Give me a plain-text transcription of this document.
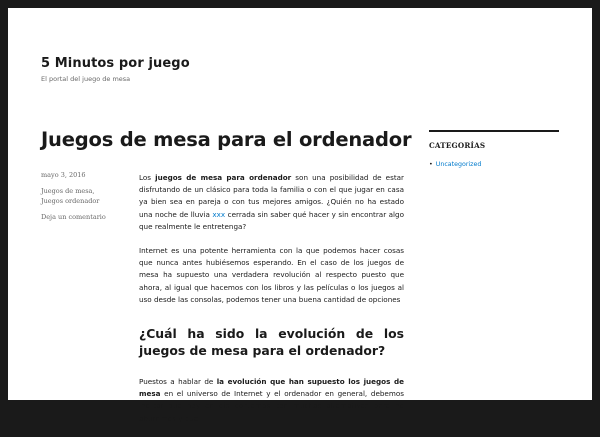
5 Minutos por juego

El portal del juego de mesa

Juegos de mesa para el ordenador
mayo 3, 2016
Juegos de mesa, Juegos ordenador
Deja un comentario

Los juegos de mesa para ordenador son una posibilidad de estar disfrutando de un clásico para toda la familia o con el que jugar en casa ya bien sea en pareja o con tus mejores amigos. ¿Quién no ha estado una noche de lluvia xxx cerrada sin saber qué hacer y sin encontrar algo que realmente le entretenga?

Internet es una potente herramienta con la que podemos hacer cosas que nunca antes hubiésemos esperando. En el caso de los juegos de mesa ha supuesto una verdadera revolución al respecto puesto que ahora, al igual que hacemos con los libros y las películas o los juegos al uso desde las consolas, podemos tener una buena cantidad de opciones

¿Cuál ha sido la evolución de los juegos de mesa para el ordenador?

Puestos a hablar de la evolución que han supuesto los juegos de mesa en el universo de Internet y el ordenador en general, debemos indicar que hoy en día contamos con muchas alternativas para no aburrirnos y que

CATEGORÍAS
• Uncategorized
